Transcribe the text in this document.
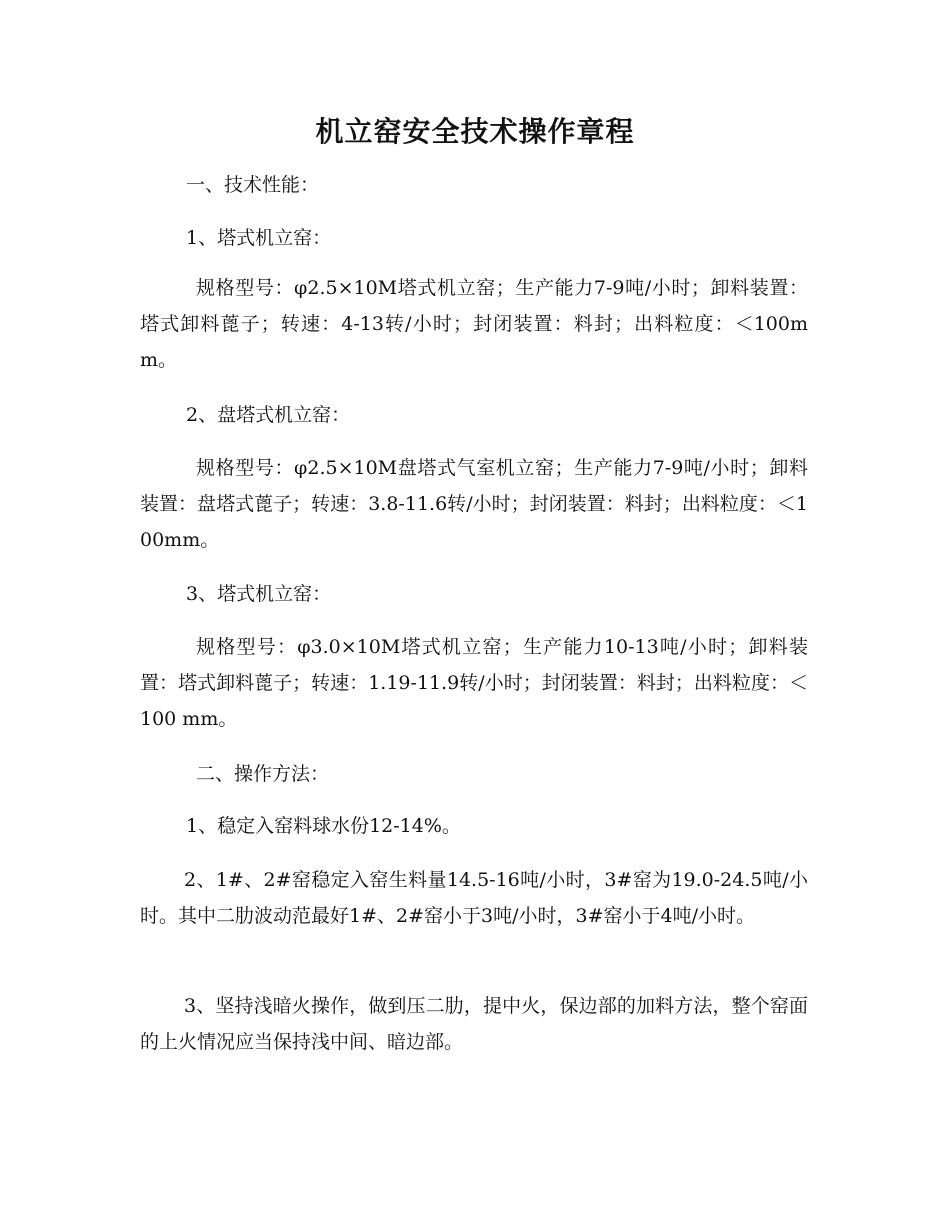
机立窑安全技术操作章程
一、技术性能：
1、塔式机立窑：
规格型号：φ2.5×10M塔式机立窑；生产能力7-9吨/小时；卸料装置：塔式卸料蓖子；转速：4-13转/小时；封闭装置：料封；出料粒度：＜100mm。
2、盘塔式机立窑：
规格型号：φ2.5×10M盘塔式气室机立窑；生产能力7-9吨/小时；卸料装置：盘塔式蓖子；转速：3.8-11.6转/小时；封闭装置：料封；出料粒度：＜100mm。
3、塔式机立窑：
规格型号：φ3.0×10M塔式机立窑；生产能力10-13吨/小时；卸料装置：塔式卸料蓖子；转速：1.19-11.9转/小时；封闭装置：料封；出料粒度：＜100 mm。
二、操作方法：
1、稳定入窑料球水份12-14%。
2、1#、2#窑稳定入窑生料量14.5-16吨/小时，3#窑为19.0-24.5吨/小时。其中二肋波动范最好1#、2#窑小于3吨/小时，3#窑小于4吨/小时。
3、坚持浅暗火操作，做到压二肋，提中火，保边部的加料方法，整个窑面的上火情况应当保持浅中间、暗边部。
